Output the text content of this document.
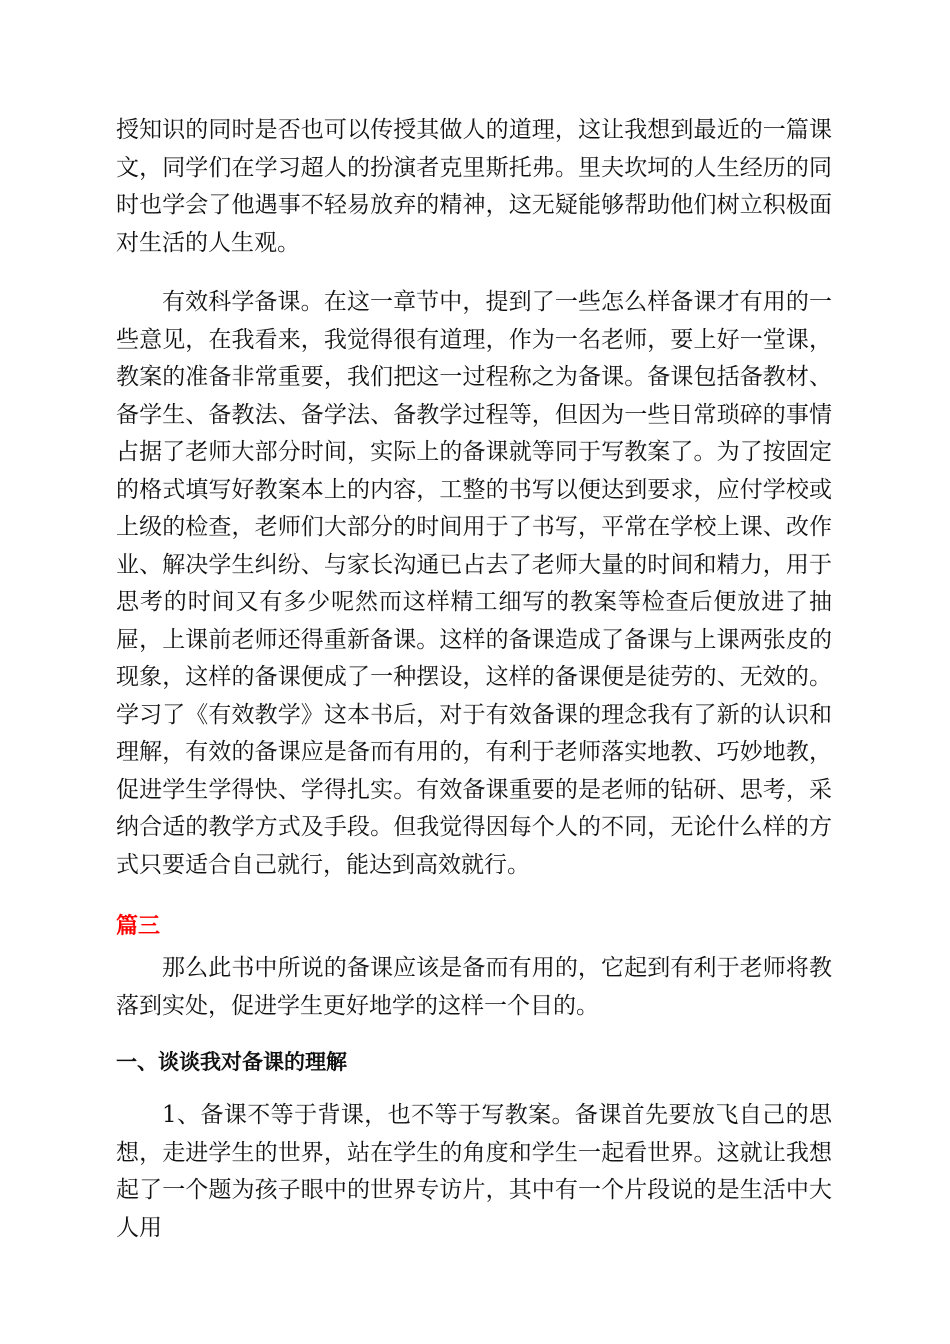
授知识的同时是否也可以传授其做人的道理，这让我想到最近的一篇课文，同学们在学习超人的扮演者克里斯托弗。里夫坎坷的人生经历的同时也学会了他遇事不轻易放弃的精神，这无疑能够帮助他们树立积极面对生活的人生观。

有效科学备课。在这一章节中，提到了一些怎么样备课才有用的一些意见，在我看来，我觉得很有道理，作为一名老师，要上好一堂课，教案的准备非常重要，我们把这一过程称之为备课。备课包括备教材、备学生、备教法、备学法、备教学过程等，但因为一些日常琐碎的事情占据了老师大部分时间，实际上的备课就等同于写教案了。为了按固定的格式填写好教案本上的内容，工整的书写以便达到要求，应付学校或上级的检查，老师们大部分的时间用于了书写，平常在学校上课、改作业、解决学生纠纷、与家长沟通已占去了老师大量的时间和精力，用于思考的时间又有多少呢然而这样精工细写的教案等检查后便放进了抽屉，上课前老师还得重新备课。这样的备课造成了备课与上课两张皮的现象，这样的备课便成了一种摆设，这样的备课便是徒劳的、无效的。学习了《有效教学》这本书后，对于有效备课的理念我有了新的认识和理解，有效的备课应是备而有用的，有利于老师落实地教、巧妙地教，促进学生学得快、学得扎实。有效备课重要的是老师的钻研、思考，采纳合适的教学方式及手段。但我觉得因每个人的不同，无论什么样的方式只要适合自己就行，能达到高效就行。

篇三

那么此书中所说的备课应该是备而有用的，它起到有利于老师将教落到实处，促进学生更好地学的这样一个目的。

一、谈谈我对备课的理解

1、备课不等于背课，也不等于写教案。备课首先要放飞自己的思想，走进学生的世界，站在学生的角度和学生一起看世界。这就让我想起了一个题为孩子眼中的世界专访片，其中有一个片段说的是生活中大人用
